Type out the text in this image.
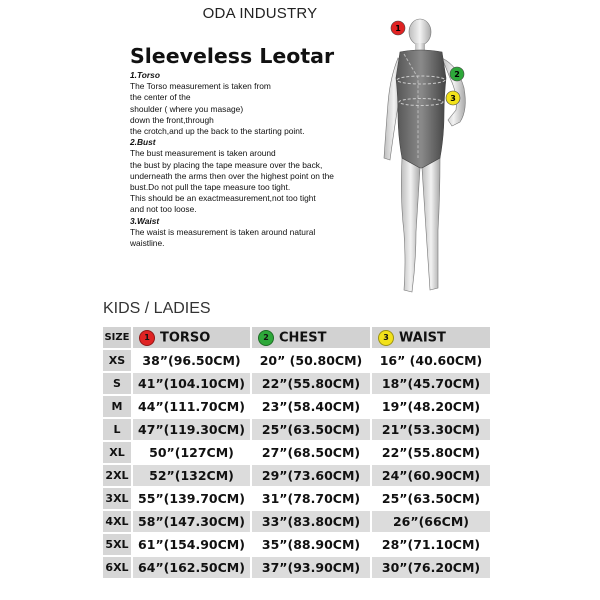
ODA INDUSTRY
Sleeveless Leotar
1.Torso
The Torso measurement is taken from
the center of the
shoulder ( where you masage)
down the front,through
the crotch,and up the back to the starting point.
2.Bust
The bust measurement is taken around
the bust by placing the tape measure over the back,
underneath the arms then over the highest point on the
bust.Do not pull the tape measure too tight.
This should be an exactmeasurement,not too tight
and not too loose.
3.Waist
The waist is measurement is taken around natural
waistline.
1
2
3
KIDS / LADIES
SIZE	1 TORSO	2 CHEST	3 WAIST
XS	38”(96.50CM)	20” (50.80CM)	16” (40.60CM)
S	41”(104.10CM)	22”(55.80CM)	18”(45.70CM)
M	44”(111.70CM)	23”(58.40CM)	19”(48.20CM)
L	47”(119.30CM)	25”(63.50CM)	21”(53.30CM)
XL	50”(127CM)	27”(68.50CM)	22”(55.80CM)
2XL	52”(132CM)	29”(73.60CM)	24”(60.90CM)
3XL	55”(139.70CM)	31”(78.70CM)	25”(63.50CM)
4XL	58”(147.30CM)	33”(83.80CM)	26”(66CM)
5XL	61”(154.90CM)	35”(88.90CM)	28”(71.10CM)
6XL	64”(162.50CM)	37”(93.90CM)	30”(76.20CM)
